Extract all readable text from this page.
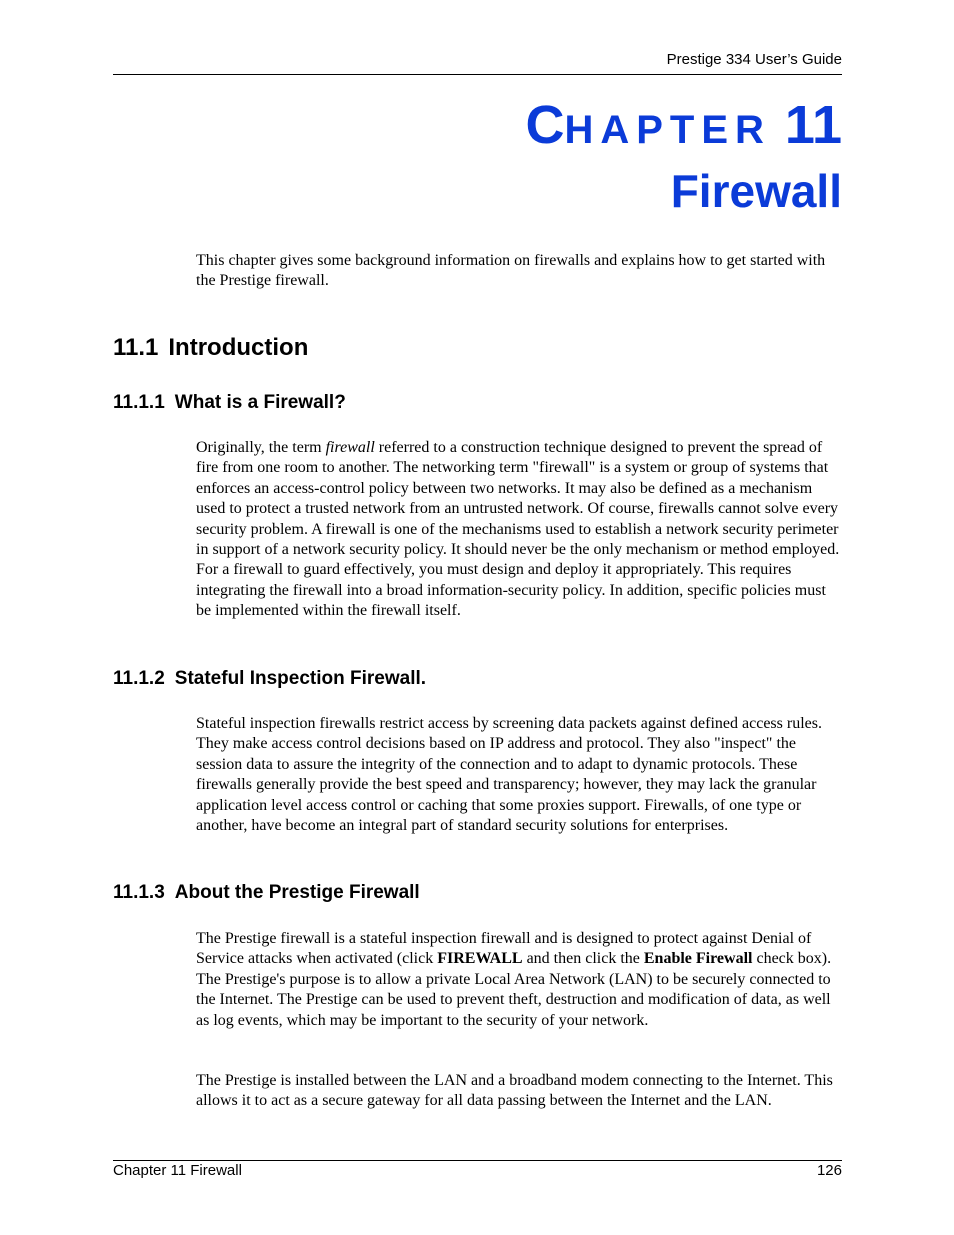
Prestige 334 User’s Guide
CHAPTER 11
Firewall

This chapter gives some background information on firewalls and explains how to get started with the Prestige firewall.

11.1 Introduction
11.1.1 What is a Firewall?

Originally, the term firewall referred to a construction technique designed to prevent the spread of fire from one room to another. The networking term "firewall" is a system or group of systems that enforces an access-control policy between two networks. It may also be defined as a mechanism used to protect a trusted network from an untrusted network. Of course, firewalls cannot solve every security problem. A firewall is one of the mechanisms used to establish a network security perimeter in support of a network security policy. It should never be the only mechanism or method employed. For a firewall to guard effectively, you must design and deploy it appropriately. This requires integrating the firewall into a broad information-security policy. In addition, specific policies must be implemented within the firewall itself.

11.1.2 Stateful Inspection Firewall.

Stateful inspection firewalls restrict access by screening data packets against defined access rules. They make access control decisions based on IP address and protocol. They also "inspect" the session data to assure the integrity of the connection and to adapt to dynamic protocols. These firewalls generally provide the best speed and transparency; however, they may lack the granular application level access control or caching that some proxies support. Firewalls, of one type or another, have become an integral part of standard security solutions for enterprises.

11.1.3 About the Prestige Firewall

The Prestige firewall is a stateful inspection firewall and is designed to protect against Denial of Service attacks when activated (click FIREWALL and then click the Enable Firewall check box). The Prestige's purpose is to allow a private Local Area Network (LAN) to be securely connected to the Internet. The Prestige can be used to prevent theft, destruction and modification of data, as well as log events, which may be important to the security of your network.

The Prestige is installed between the LAN and a broadband modem connecting to the Internet. This allows it to act as a secure gateway for all data passing between the Internet and the LAN.

Chapter 11 Firewall	126
